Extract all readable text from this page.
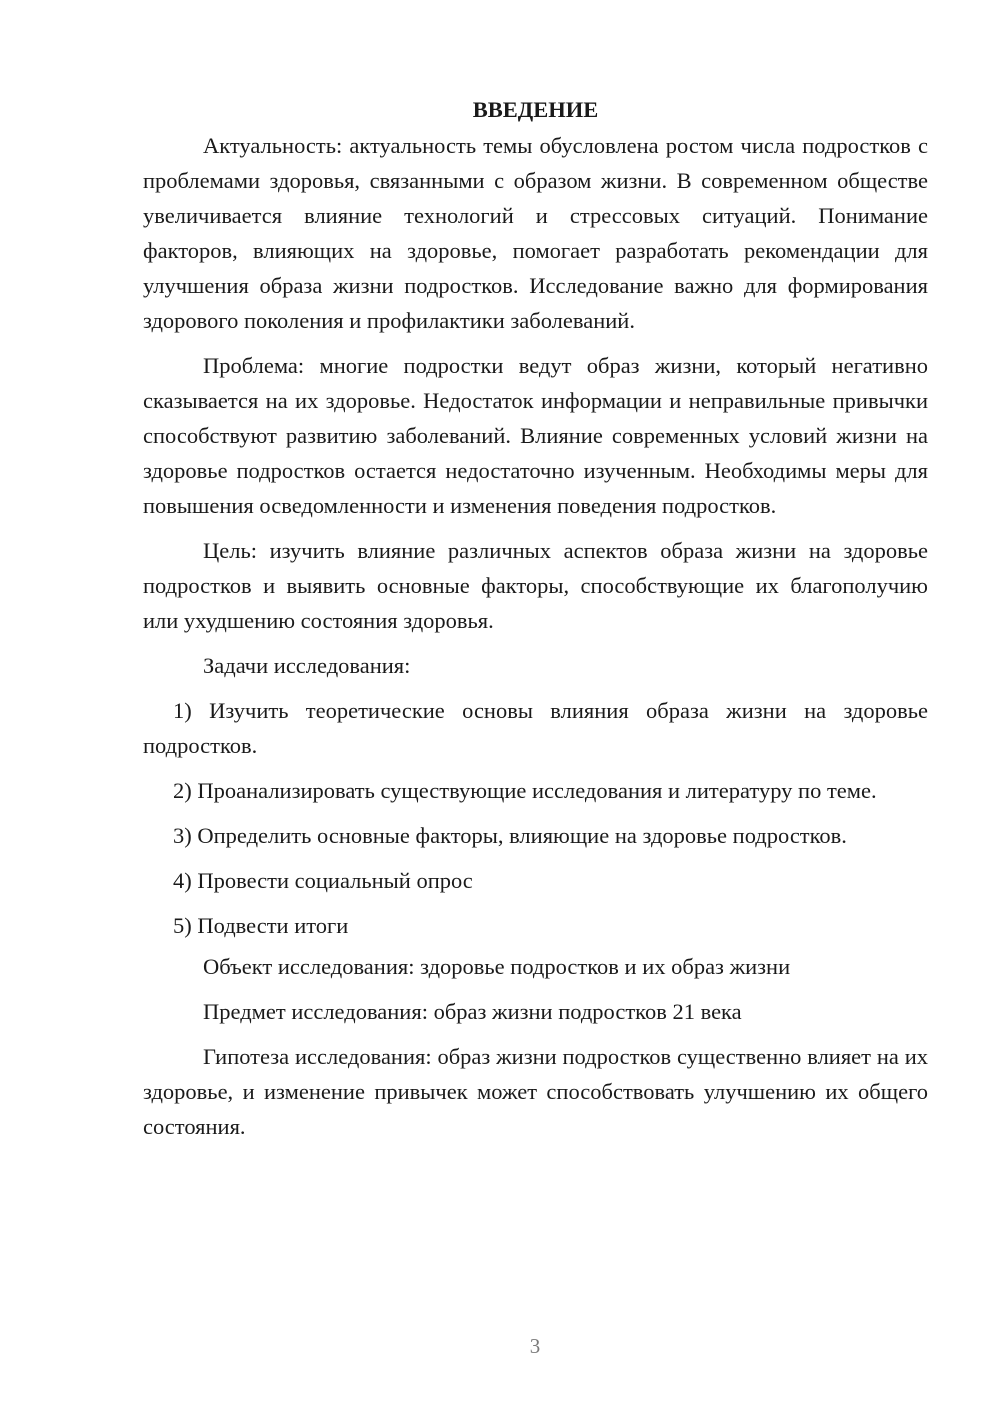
ВВЕДЕНИЕ

Актуальность: актуальность темы обусловлена ростом числа подростков с проблемами здоровья, связанными с образом жизни. В современном обществе увеличивается влияние технологий и стрессовых ситуаций. Понимание факторов, влияющих на здоровье, помогает разработать рекомендации для улучшения образа жизни подростков. Исследование важно для формирования здорового поколения и профилактики заболеваний.

Проблема: многие подростки ведут образ жизни, который негативно сказывается на их здоровье. Недостаток информации и неправильные привычки способствуют развитию заболеваний. Влияние современных условий жизни на здоровье подростков остается недостаточно изученным. Необходимы меры для повышения осведомленности и изменения поведения подростков.

Цель: изучить влияние различных аспектов образа жизни на здоровье подростков и выявить основные факторы, способствующие их благополучию или ухудшению состояния здоровья.

Задачи исследования:

1) Изучить теоретические основы влияния образа жизни на здоровье подростков.

2) Проанализировать существующие исследования и литературу по теме.

3) Определить основные факторы, влияющие на здоровье подростков.

4) Провести социальный опрос

5) Подвести итоги

Объект исследования: здоровье подростков и их образ жизни

Предмет исследования: образ жизни подростков 21 века

Гипотеза исследования: образ жизни подростков существенно влияет на их здоровье, и изменение привычек может способствовать улучшению их общего состояния.

3
